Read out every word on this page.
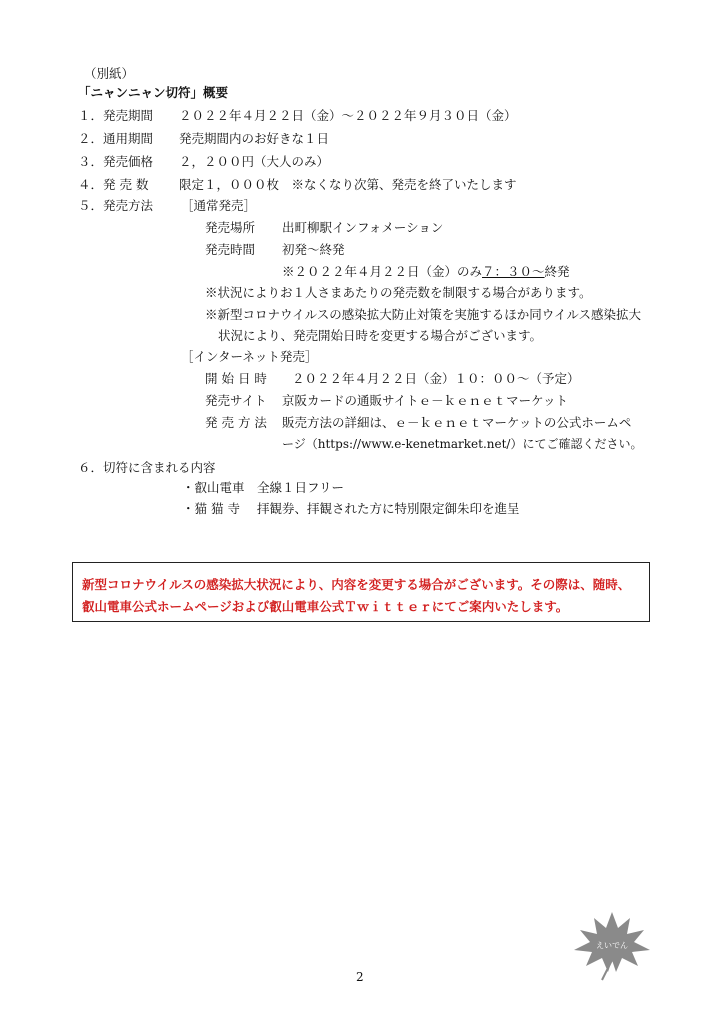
（別紙）
「ニャンニャン切符」概要
１．発売期間 ２０２２年４月２２日（金）～２０２２年９月３０日（金）
２．通用期間 発売期間内のお好きな１日
３．発売価格 ２，２００円（大人のみ）
４．発 売 数 限定１，０００枚　※なくなり次第、発売を終了いたします
５．発売方法 ［通常発売］
発売場所 出町柳駅インフォメーション
発売時間 初発～終発
※２０２２年４月２２日（金）のみ７：３０～終発
※状況によりお１人さまあたりの発売数を制限する場合があります。
※新型コロナウイルスの感染拡大防止対策を実施するほか同ウイルス感染拡大
状況により、発売開始日時を変更する場合がございます。
［インターネット発売］
開 始 日 時 ２０２２年４月２２日（金）１０：００～（予定）
発売サイト 京阪カードの通販サイトｅ－ｋｅｎｅｔマーケット
発 売 方 法 販売方法の詳細は、ｅ－ｋｅｎｅｔマーケットの公式ホームペ
ージ（https://www.e-kenetmarket.net/）にてご確認ください。
６．切符に含まれる内容
・叡山電車 全線１日フリー
・猫 猫 寺 拝観券、拝観された方に特別限定御朱印を進呈
新型コロナウイルスの感染拡大状況により、内容を変更する場合がございます。その際は、随時、
叡山電車公式ホームページおよび叡山電車公式Ｔｗｉｔｔｅｒにてご案内いたします。
えいでん
2
